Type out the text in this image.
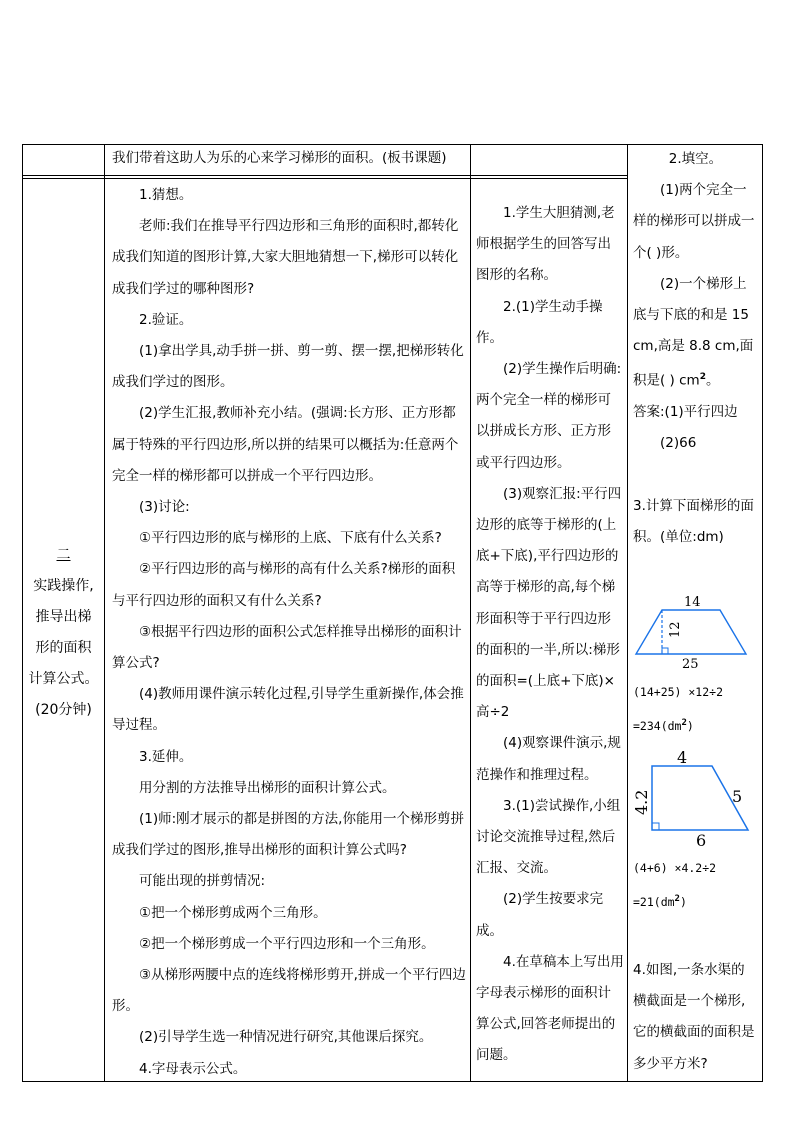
我们带着这助人为乐的心来学习梯形的面积。(板书课题)

二

实践操作,

推导出梯

形的面积

计算公式。

(20分钟)

1.猜想。

老师:我们在推导平行四边形和三角形的面积时,都转化成我们知道的图形计算,大家大胆地猜想一下,梯形可以转化成我们学过的哪种图形?

2.验证。

(1)拿出学具,动手拼一拼、剪一剪、摆一摆,把梯形转化成我们学过的图形。

(2)学生汇报,教师补充小结。(强调:长方形、正方形都属于特殊的平行四边形,所以拼的结果可以概括为:任意两个完全一样的梯形都可以拼成一个平行四边形。

(3)讨论:

①平行四边形的底与梯形的上底、下底有什么关系?

②平行四边形的高与梯形的高有什么关系?梯形的面积与平行四边形的面积又有什么关系?

③根据平行四边形的面积公式怎样推导出梯形的面积计算公式?

(4)教师用课件演示转化过程,引导学生重新操作,体会推导过程。

3.延伸。

用分割的方法推导出梯形的面积计算公式。

(1)师:刚才展示的都是拼图的方法,你能用一个梯形剪拼成我们学过的图形,推导出梯形的面积计算公式吗?

可能出现的拼剪情况:

①把一个梯形剪成两个三角形。

②把一个梯形剪成一个平行四边形和一个三角形。

③从梯形两腰中点的连线将梯形剪开,拼成一个平行四边形。

(2)引导学生选一种情况进行研究,其他课后探究。

4.字母表示公式。

1.学生大胆猜测,老师根据学生的回答写出图形的名称。

2.(1)学生动手操作。

(2)学生操作后明确:两个完全一样的梯形可以拼成长方形、正方形或平行四边形。

(3)观察汇报:平行四边形的底等于梯形的(上底+下底),平行四边形的高等于梯形的高,每个梯形面积等于平行四边形的面积的一半,所以:梯形的面积=(上底+下底)×高÷2

(4)观察课件演示,规范操作和推理过程。

3.(1)尝试操作,小组讨论交流推导过程,然后汇报、交流。

(2)学生按要求完成。

4.在草稿本上写出用字母表示梯形的面积计算公式,回答老师提出的问题。

2.填空。

(1)两个完全一样的梯形可以拼成一个( )形。

(2)一个梯形上底与下底的和是 15 cm,高是 8.8 cm,面积是( ) $cm^2$。

答案:(1)平行四边

(2)66

3.计算下面梯形的面积。(单位:dm)

14
12
25

(14+25) ×12÷2

$=234(dm^2)$

4
4.2	5
6

(4+6) ×4.2÷2

$=21(dm^2)$

4.如图,一条水渠的横截面是一个梯形,它的横截面的面积是多少平方米?
